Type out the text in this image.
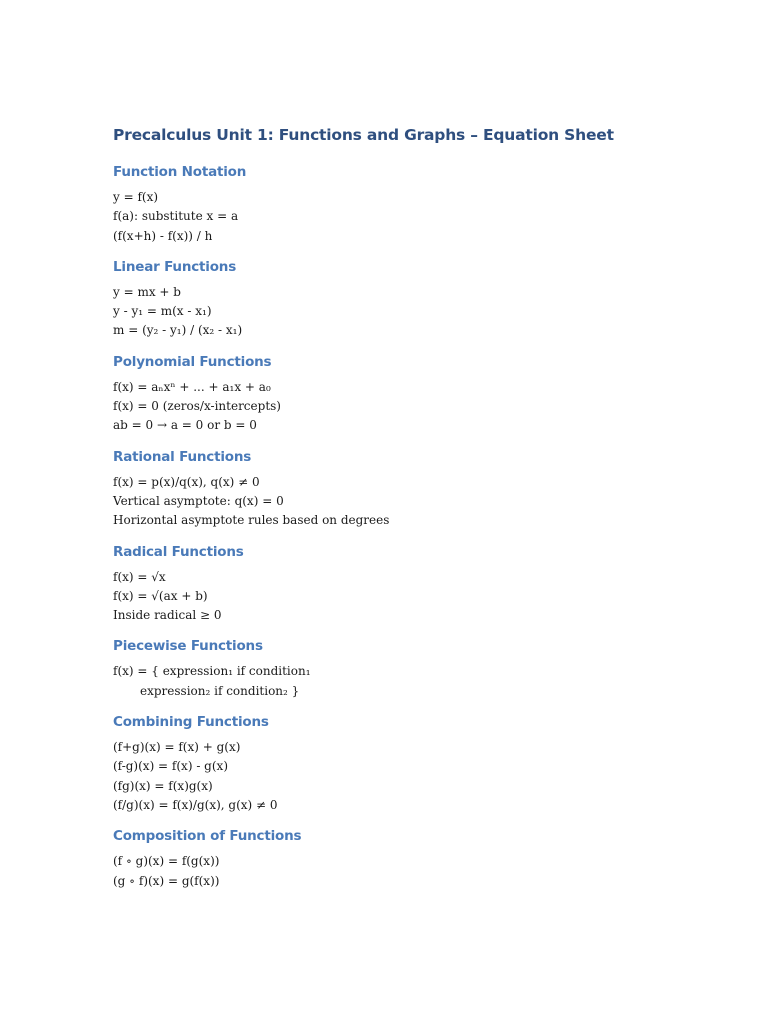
Precalculus Unit 1: Functions and Graphs – Equation Sheet
Function Notation

y = f(x)

f(a): substitute x = a

(f(x+h) - f(x)) / h

Linear Functions

y = mx + b

y - y₁ = m(x - x₁)

m = (y₂ - y₁) / (x₂ - x₁)

Polynomial Functions

f(x) = aₙxⁿ + ... + a₁x + a₀

f(x) = 0 (zeros/x-intercepts)

ab = 0 → a = 0 or b = 0

Rational Functions

f(x) = p(x)/q(x), q(x) ≠ 0

Vertical asymptote: q(x) = 0

Horizontal asymptote rules based on degrees

Radical Functions

f(x) = √x

f(x) = √(ax + b)

Inside radical ≥ 0

Piecewise Functions

f(x) = { expression₁ if condition₁

expression₂ if condition₂ }

Combining Functions

(f+g)(x) = f(x) + g(x)

(f-g)(x) = f(x) - g(x)

(fg)(x) = f(x)g(x)

(f/g)(x) = f(x)/g(x), g(x) ≠ 0

Composition of Functions

(f ∘ g)(x) = f(g(x))

(g ∘ f)(x) = g(f(x))
